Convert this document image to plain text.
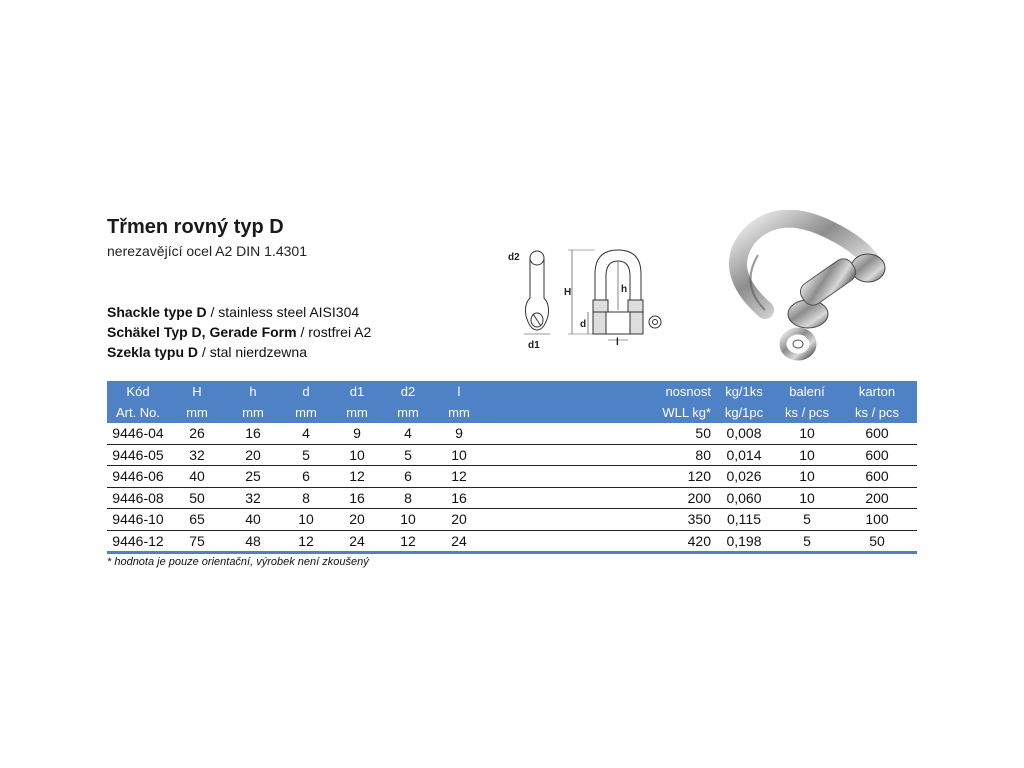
Třmen rovný typ D
nerezavějící ocel A2 DIN 1.4301
Shackle type D / stainless steel AISI304
Schäkel Typ D, Gerade Form / rostfrei A2
Szekla typu D / stal nierdzewna
d2
d1
H	h
d
l
Kód	H	h	d	d1	d2	l		nosnost	kg/1ks	balení	karton
Art. No.	mm	mm	mm	mm	mm	mm		WLL kg*	kg/1pc	ks / pcs	ks / pcs
9446-04	26	16	4	9	4	9		50	0,008	10	600
9446-05	32	20	5	10	5	10		80	0,014	10	600
9446-06	40	25	6	12	6	12		120	0,026	10	600
9446-08	50	32	8	16	8	16		200	0,060	10	200
9446-10	65	40	10	20	10	20		350	0,115	5	100
9446-12	75	48	12	24	12	24		420	0,198	5	50
* hodnota je pouze orientační, výrobek není zkoušený
